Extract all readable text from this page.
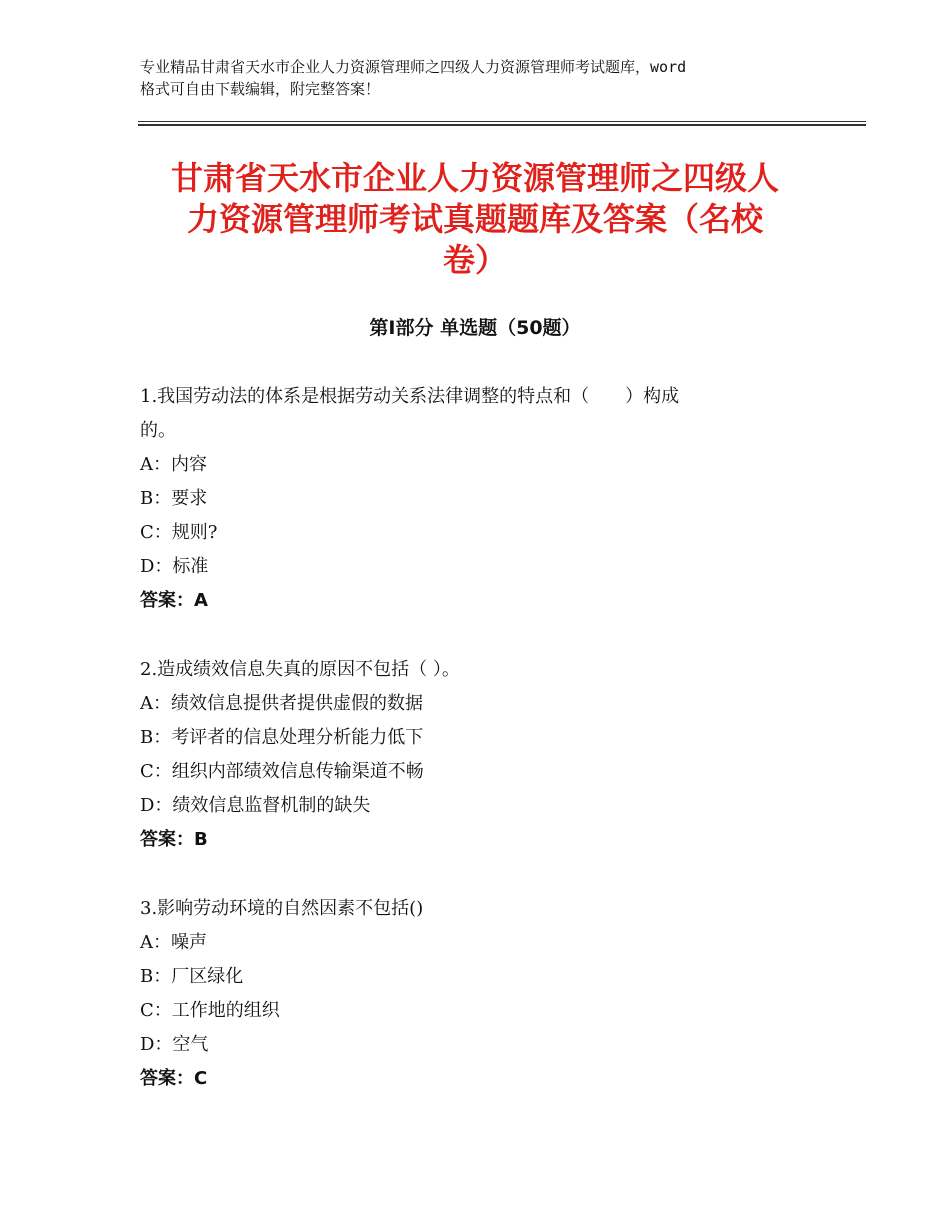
专业精品甘肃省天水市企业人力资源管理师之四级人力资源管理师考试题库，word
格式可自由下载编辑，附完整答案！
甘肃省天水市企业人力资源管理师之四级人
力资源管理师考试真题题库及答案（名校
卷）
第Ⅰ部分 单选题（50题）
1.我国劳动法的体系是根据劳动关系法律调整的特点和（　　）构成
的。
A：内容
B：要求
C：规则?
D：标准
答案：A
2.造成绩效信息失真的原因不包括（ ）。
A：绩效信息提供者提供虚假的数据
B：考评者的信息处理分析能力低下
C：组织内部绩效信息传输渠道不畅
D：绩效信息监督机制的缺失
答案：B
3.影响劳动环境的自然因素不包括()
A：噪声
B：厂区绿化
C：工作地的组织
D：空气
答案：C
